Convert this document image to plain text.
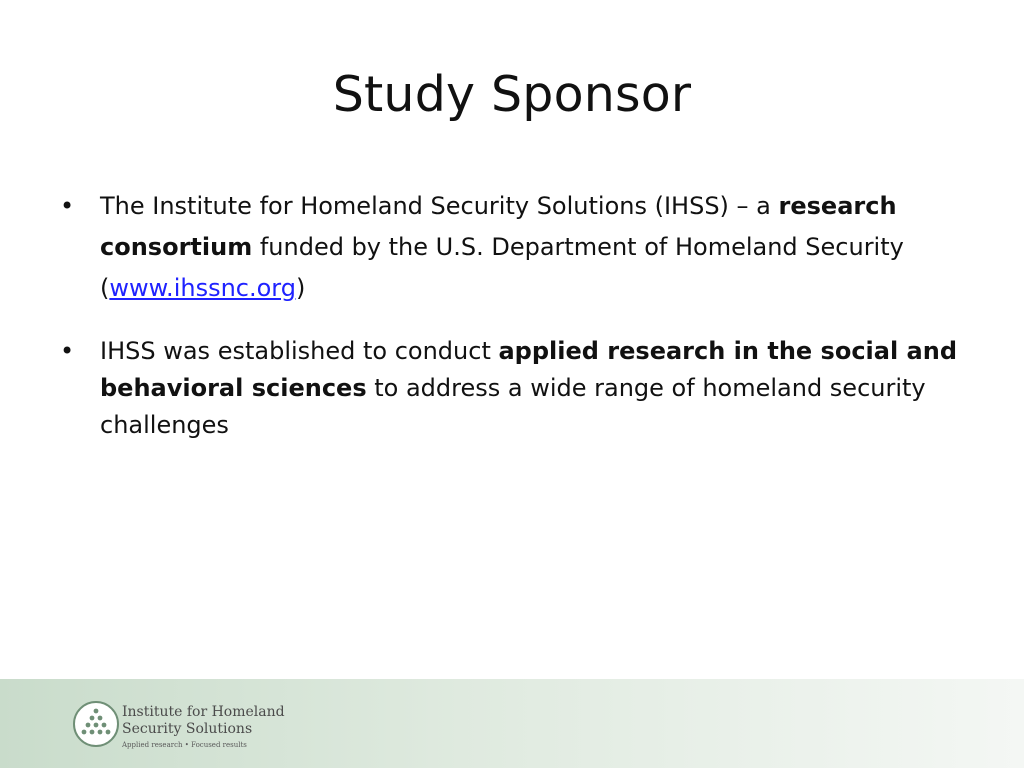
Study Sponsor
• The Institute for Homeland Security Solutions (IHSS) – a research consortium funded by the U.S. Department of Homeland Security (www.ihssnc.org)
• IHSS was established to conduct applied research in the social and behavioral sciences to address a wide range of homeland security challenges
Institute for Homeland
Security Solutions
Applied research • Focused results
